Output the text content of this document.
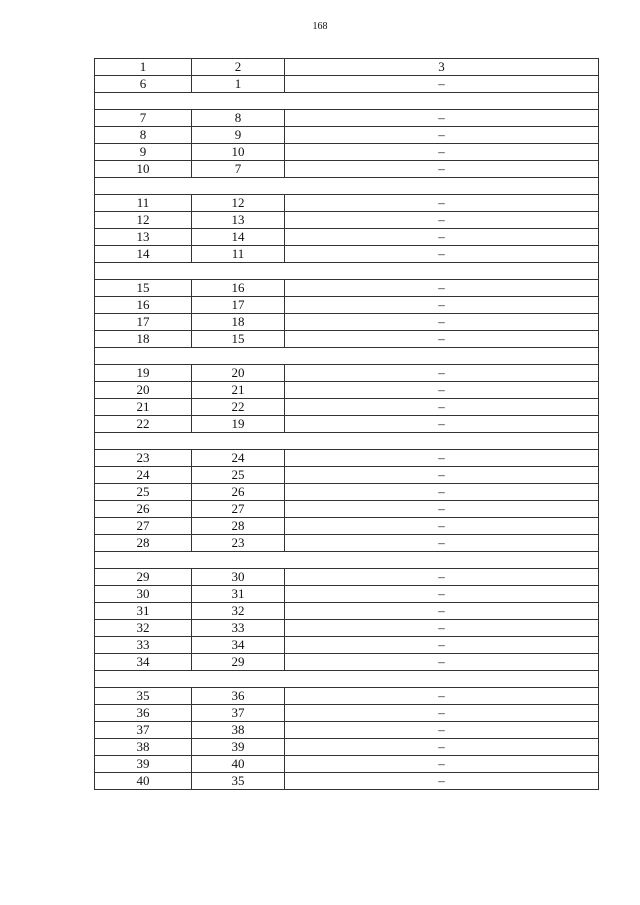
168
1	2	3
6	1	–

7	8	–
8	9	–
9	10	–
10	7	–

11	12	–
12	13	–
13	14	–
14	11	–

15	16	–
16	17	–
17	18	–
18	15	–

19	20	–
20	21	–
21	22	–
22	19	–

23	24	–
24	25	–
25	26	–
26	27	–
27	28	–
28	23	–

29	30	–
30	31	–
31	32	–
32	33	–
33	34	–
34	29	–

35	36	–
36	37	–
37	38	–
38	39	–
39	40	–
40	35	–
